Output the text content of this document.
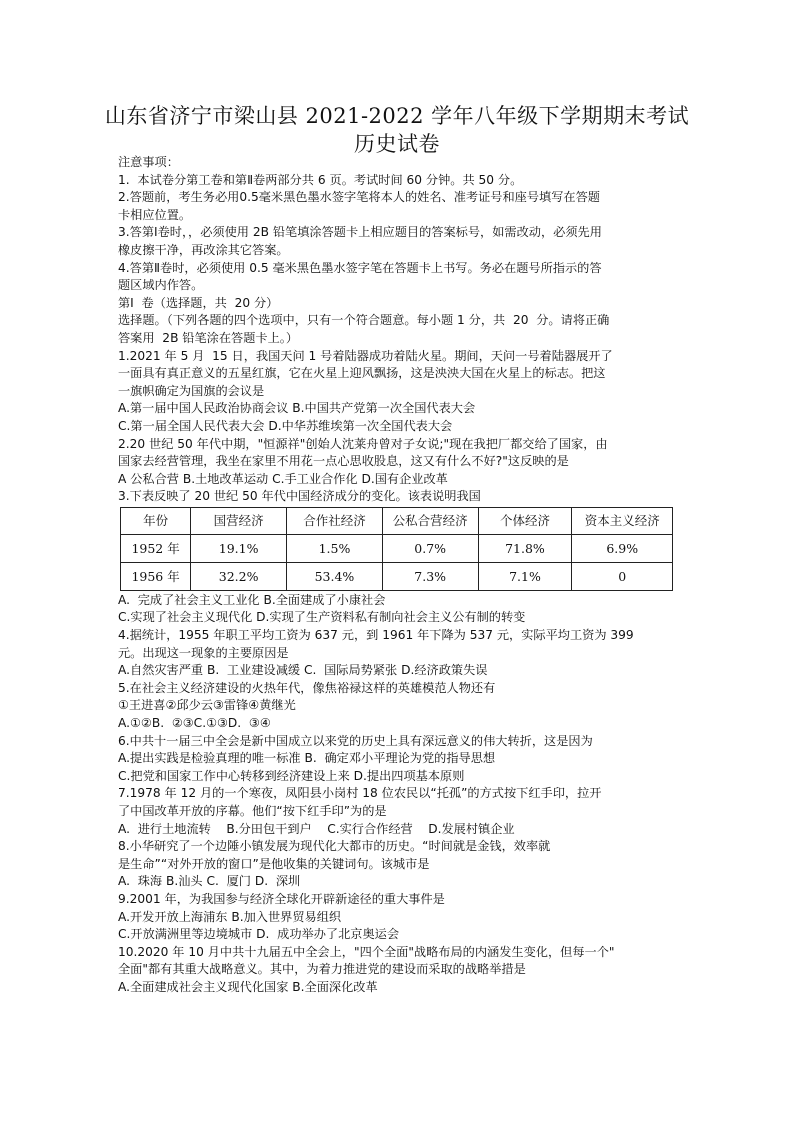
山东省济宁市梁山县 2021-2022 学年八年级下学期期末考试
历史试卷

注意事项：

1.  本试卷分第工卷和第Ⅱ卷两部分共 6 页。考试时间 60 分钟。共 50 分。

2.答题前，考生务必用0.5毫米黑色墨水签字笔将本人的姓名、准考证号和座号填写在答题

卡相应位置。

3.答第Ⅰ卷时，，必须使用 2B 铅笔填涂答题卡上相应题目的答案标号，如需改动，必须先用

橡皮擦干净，再改涂其它答案。

4.答第Ⅱ卷时，必须使用 0.5 毫米黑色墨水签字笔在答题卡上书写。务必在题号所指示的答

题区域内作答。

第Ⅰ  卷（选择题，共  20 分）

选择题。（下列各题的四个选项中，只有一个符合题意。每小题 1 分，共  20  分。请将正确

答案用  2B 铅笔涂在答题卡上。）

1.2021 年 5 月  15 日，我国天问 1 号着陆器成功着陆火星。期间，天问一号着陆器展开了

一面具有真正意义的五星红旗，它在火星上迎风飘扬，这是泱泱大国在火星上的标志。把这

一旗帜确定为国旗的会议是

A.第一届中国人民政治协商会议 B.中国共产党第一次全国代表大会

C.第一届全国人民代表大会 D.中华苏维埃第一次全国代表大会

2.20 世纪 50 年代中期，"恒源祥"创始人沈莱舟曾对子女说;"现在我把厂都交给了国家，由

国家去经营管理，我坐在家里不用花一点心思收股息，这又有什么不好?"这反映的是

A 公私合营 B.土地改革运动 C.手工业合作化 D.国有企业改革

3.下表反映了 20 世纪 50 年代中国经济成分的变化。该表说明我国

年份	国营经济	合作社经济	公私合营经济	个体经济	资本主义经济
1952 年	19.1%	1.5%	0.7%	71.8%	6.9%
1956 年	32.2%	53.4%	7.3%	7.1%	0

A.  完成了社会主义工业化 B.全面建成了小康社会

C.实现了社会主义现代化 D.实现了生产资料私有制向社会主义公有制的转变

4.据统计，1955 年职工平均工资为 637 元，到 1961 年下降为 537 元，实际平均工资为 399

元。出现这一现象的主要原因是

A.自然灾害严重 B.  工业建设减缓 C.  国际局势紧张 D.经济政策失误

5.在社会主义经济建设的火热年代，像焦裕禄这样的英雄模范人物还有

①王进喜②邱少云③雷锋④黄继光

A.①②B.  ②③C.①③D.  ③④

6.中共十一届三中全会是新中国成立以来党的历史上具有深远意义的伟大转折，这是因为

A.提出实践是检验真理的唯一标准 B.  确定邓小平理论为党的指导思想

C.把党和国家工作中心转移到经济建设上来 D.提出四项基本原则

7.1978 年 12 月的一个寒夜，凤阳县小岗村 18 位农民以“托孤”的方式按下红手印，拉开

了中国改革开放的序幕。他们“按下红手印”为的是

A.  进行土地流转    B.分田包干到户    C.实行合作经营    D.发展村镇企业

8.小华研究了一个边陲小镇发展为现代化大都市的历史。“时间就是金钱，效率就

是生命”“对外开放的窗口”是他收集的关键词句。该城市是

A.  珠海 B.汕头 C.  厦门 D.  深圳

9.2001 年，为我国参与经济全球化开辟新途径的重大事件是

A.开发开放上海浦东 B.加入世界贸易组织

C.开放满洲里等边境城市 D.  成功举办了北京奥运会

10.2020 年 10 月中共十九届五中全会上，"四个全面"战略布局的内涵发生变化，但每一个"

全面"都有其重大战略意义。其中，为着力推进党的建设而采取的战略举措是

A.全面建成社会主义现代化国家 B.全面深化改革
